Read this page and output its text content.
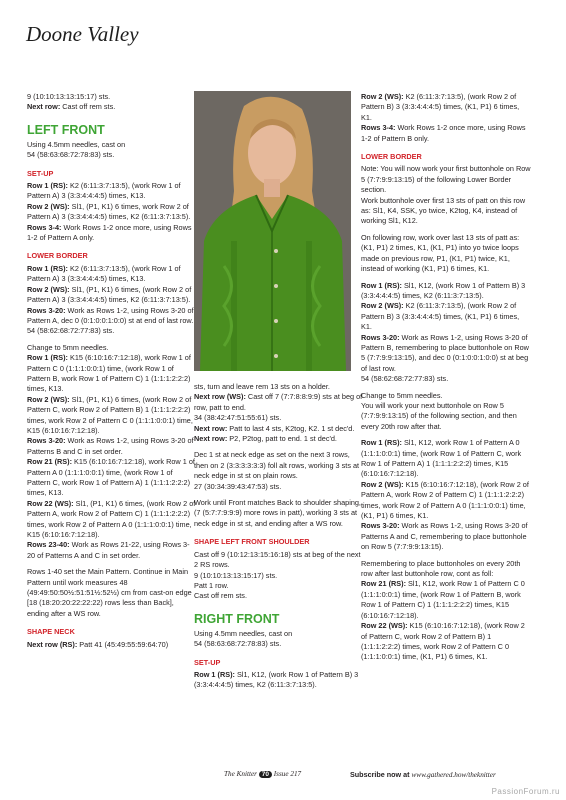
Doone Valley

9 (10:10:13:13:15:17) sts.
Next row: Cast off rem sts.

LEFT FRONT

Using 4.5mm needles, cast on
54 (58:63:68:72:78:83) sts.

SET-UP

Row 1 (RS): K2 (6:11:3:7:13:5), (work Row 1 of Pattern A) 3 (3:3:4:4:4:5) times, K13.
Row 2 (WS): Sl1, (P1, K1) 6 times, work Row 2 of Pattern A) 3 (3:3:4:4:4:5) times, K2 (6:11:3:7:13:5).
Rows 3-4: Work Rows 1-2 once more, using Rows 1-2 of Pattern A only.

LOWER BORDER

Row 1 (RS): K2 (6:11:3:7:13:5), (work Row 1 of Pattern A) 3 (3:3:4:4:4:5) times, K13.
Row 2 (WS): Sl1, (P1, K1) 6 times, (work Row 2 of Pattern A) 3 (3:3:4:4:4:5) times, K2 (6:11:3:7:13:5).
Rows 3-20: Work as Rows 1-2, using Rows 3-20 of Pattern A, dec 0 (0:1:0:0:1:0:0) st at end of last row.
54 (58:62:68:72:77:83) sts.

Change to 5mm needles.
Row 1 (RS): K15 (6:10:16:7:12:18), work Row 1 of Pattern C 0 (1:1:1:0:0:1) time, (work Row 1 of Pattern B, work Row 1 of Pattern C) 1 (1:1:1:2:2:2) times, K13.
Row 2 (WS): Sl1, (P1, K1) 6 times, (work Row 2 of Pattern C, work Row 2 of Pattern B) 1 (1:1:1:2:2:2) times, work Row 2 of Pattern C 0 (1:1:1:0:0:1) time, K15 (6:10:16:7:12:18).
Rows 3-20: Work as Rows 1-2, using Rows 3-20 of Patterns B and C in set order.
Row 21 (RS): K15 (6:10:16:7:12:18), work Row 1 of Pattern A 0 (1:1:1:0:0:1) time, (work Row 1 of Pattern C, work Row 1 of Pattern A) 1 (1:1:1:2:2:2) times, K13.
Row 22 (WS): Sl1, (P1, K1) 6 times, (work Row 2 of Pattern A, work Row 2 of Pattern C) 1 (1:1:1:2:2:2) times, work Row 2 of Pattern A 0 (1:1:1:0:0:1) time, K15 (6:10:16:7:12:18).
Rows 23-40: Work as Rows 21-22, using Rows 3-20 of Patterns A and C in set order.

Rows 1-40 set the Main Pattern. Continue in Main Pattern until work measures 48 (49:49:50:50½:51:51½:52½) cm from cast-on edge [18 (18:20:20:22:22:22) rows less than Back], ending after a WS row.

SHAPE NECK

Next row (RS): Patt 41 (45:49:55:59:64:70)

sts, turn and leave rem 13 sts on a holder.
Next row (WS): Cast off 7 (7:7:8:8:9:9) sts at beg of row, patt to end.
34 (38:42:47:51:55:61) sts.
Next row: Patt to last 4 sts, K2tog, K2. 1 st dec'd.
Next row: P2, P2tog, patt to end. 1 st dec'd.

Dec 1 st at neck edge as set on the next 3 rows, then on 2 (3:3:3:3:3:3) foll alt rows, working 3 sts at neck edge in st st on plain rows.
27 (30:34:39:43:47:53) sts.

Work until Front matches Back to shoulder shaping, (7 (5:7:7:9:9:9) more rows in patt), working 3 sts at neck edge in st st, and ending after a WS row.

SHAPE LEFT FRONT SHOULDER

Cast off 9 (10:12:13:15:16:18) sts at beg of the next 2 RS rows.
9 (10:10:13:13:15:17) sts.
Patt 1 row.
Cast off rem sts.

RIGHT FRONT

Using 4.5mm needles, cast on
54 (58:63:68:72:78:83) sts.

SET-UP

Row 1 (RS): Sl1, K12, (work Row 1 of Pattern B) 3 (3:3:4:4:4:5) times, K2 (6:11:3:7:13:5).

Row 2 (WS): K2 (6:11:3:7:13:5), (work Row 2 of Pattern B) 3 (3:3:4:4:4:5) times, (K1, P1) 6 times, K1.
Rows 3-4: Work Rows 1-2 once more, using Rows 1-2 of Pattern B only.

LOWER BORDER

Note: You will now work your first buttonhole on Row 5 (7:7:9:9:13:15) of the following Lower Border section.
Work buttonhole over first 13 sts of patt on this row as: Sl1, K4, SSK, yo twice, K2tog, K4, instead of working Sl1, K12.

On following row, work over last 13 sts of patt as: (K1, P1) 2 times, K1, (K1, P1) into yo twice loops made on previous row, P1, (K1, P1) twice, K1, instead of working (K1, P1) 6 times, K1.

Row 1 (RS): Sl1, K12, (work Row 1 of Pattern B) 3 (3:3:4:4:4:5) times, K2 (6:11:3:7:13:5).
Row 2 (WS): K2 (6:11:3:7:13:5), (work Row 2 of Pattern B) 3 (3:3:4:4:4:5) times, (K1, P1) 6 times, K1.
Rows 3-20: Work as Rows 1-2, using Rows 3-20 of Pattern B, remembering to place buttonhole on Row 5 (7:7:9:9:13:15), and dec 0 (0:1:0:0:1:0:0) st at beg of last row.
54 (58:62:68:72:77:83) sts.

Change to 5mm needles.
You will work your next buttonhole on Row 5 (7:7:9:9:13:15) of the following section, and then every 20th row after that.

Row 1 (RS): Sl1, K12, work Row 1 of Pattern A 0 (1:1:1:0:0:1) time, (work Row 1 of Pattern C, work Row 1 of Pattern A) 1 (1:1:1:2:2:2) times, K15 (6:10:16:7:12:18).
Row 2 (WS): K15 (6:10:16:7:12:18), (work Row 2 of Pattern A, work Row 2 of Pattern C) 1 (1:1:1:2:2:2) times, work Row 2 of Pattern A 0 (1:1:1:0:0:1) time, (K1, P1) 6 times, K1.
Rows 3-20: Work as Rows 1-2, using Rows 3-20 of Patterns A and C, remembering to place buttonhole on Row 5 (7:7:9:9:13:15).

Remembering to place buttonholes on every 20th row after last buttonhole row, cont as foll:
Row 21 (RS): Sl1, K12, work Row 1 of Pattern C 0 (1:1:1:0:0:1) time, (work Row 1 of Pattern B, work Row 1 of Pattern C) 1 (1:1:1:2:2:2) times, K15 (6:10:16:7:12:18).
Row 22 (WS): K15 (6:10:16:7:12:18), (work Row 2 of Pattern C, work Row 2 of Pattern B) 1 (1:1:1:2:2:2) times, work Row 2 of Pattern C 0 (1:1:1:0:0:1) time, (K1, P1) 6 times, K1.

The Knitter 70 Issue 217	Subscribe now at www.gathered.how/theknitter
PassionForum.ru
